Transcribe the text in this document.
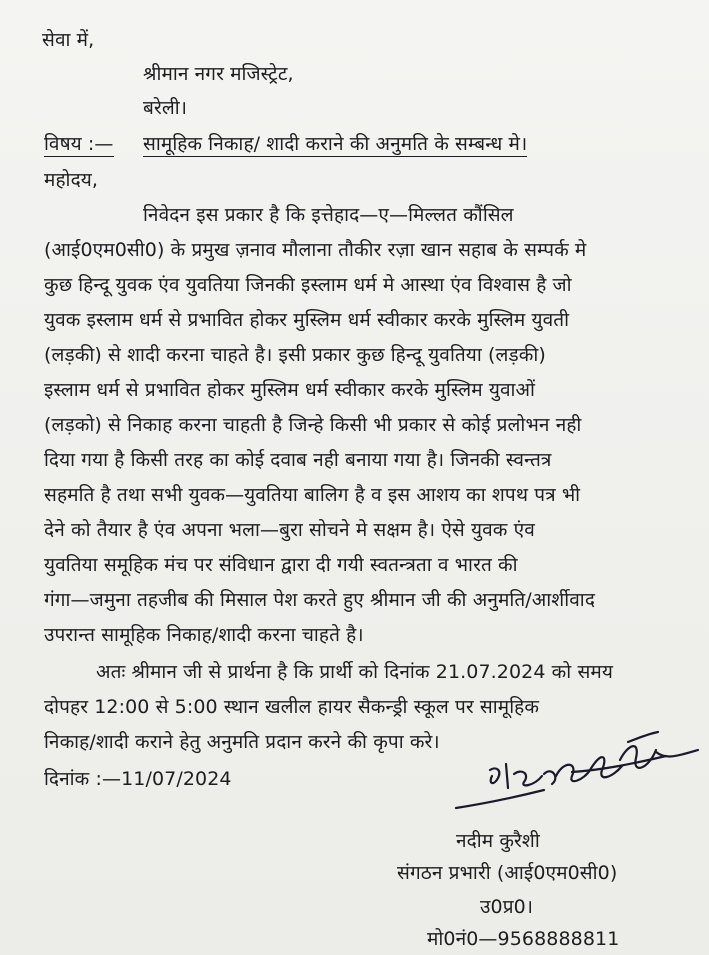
सेवा में,
श्रीमान नगर मजिस्ट्रेट,
बरेली।
विषय :— सामूहिक निकाह/ शादी कराने की अनुमति के सम्बन्ध मे।
महोदय,
निवेदन इस प्रकार है कि इत्तेहाद—ए—मिल्लत कौंसिल
(आई0एम0सी0) के प्रमुख ज़नाव मौलाना तौकीर रज़ा खान सहाब के सम्पर्क मे
कुछ हिन्दू युवक एंव युवतिया जिनकी इस्लाम धर्म मे आस्था एंव विश्वास है जो
युवक इस्लाम धर्म से प्रभावित होकर मुस्लिम धर्म स्वीकार करके मुस्लिम युवती
(लड़की) से शादी करना चाहते है। इसी प्रकार कुछ हिन्दू युवतिया (लड़की)
इस्लाम धर्म से प्रभावित होकर मुस्लिम धर्म स्वीकार करके मुस्लिम युवाओं
(लड़को) से निकाह करना चाहती है जिन्हे किसी भी प्रकार से कोई प्रलोभन नही
दिया गया है किसी तरह का कोई दवाब नही बनाया गया है। जिनकी स्वन्तत्र
सहमति है तथा सभी युवक—युवतिया बालिग है व इस आशय का शपथ पत्र भी
देने को तैयार है एंव अपना भला—बुरा सोचने मे सक्षम है। ऐसे युवक एंव
युवतिया समूहिक मंच पर संविधान द्वारा दी गयी स्वतन्त्रता व भारत की
गंगा—जमुना तहजीब की मिसाल पेश करते हुए श्रीमान जी की अनुमति/आर्शीवाद
उपरान्त सामूहिक निकाह/शादी करना चाहते है।
अतः श्रीमान जी से प्रार्थना है कि प्रार्थी को दिनांक 21.07.2024 को समय
दोपहर 12:00 से 5:00 स्थान खलील हायर सैकन्ड्री स्कूल पर सामूहिक
निकाह/शादी कराने हेतु अनुमति प्रदान करने की कृपा करे।
दिनांक :—11/07/2024
नदीम कुरैशी
संगठन प्रभारी (आई0एम0सी0)
उ0प्र0।
मो0नं0—9568888811
